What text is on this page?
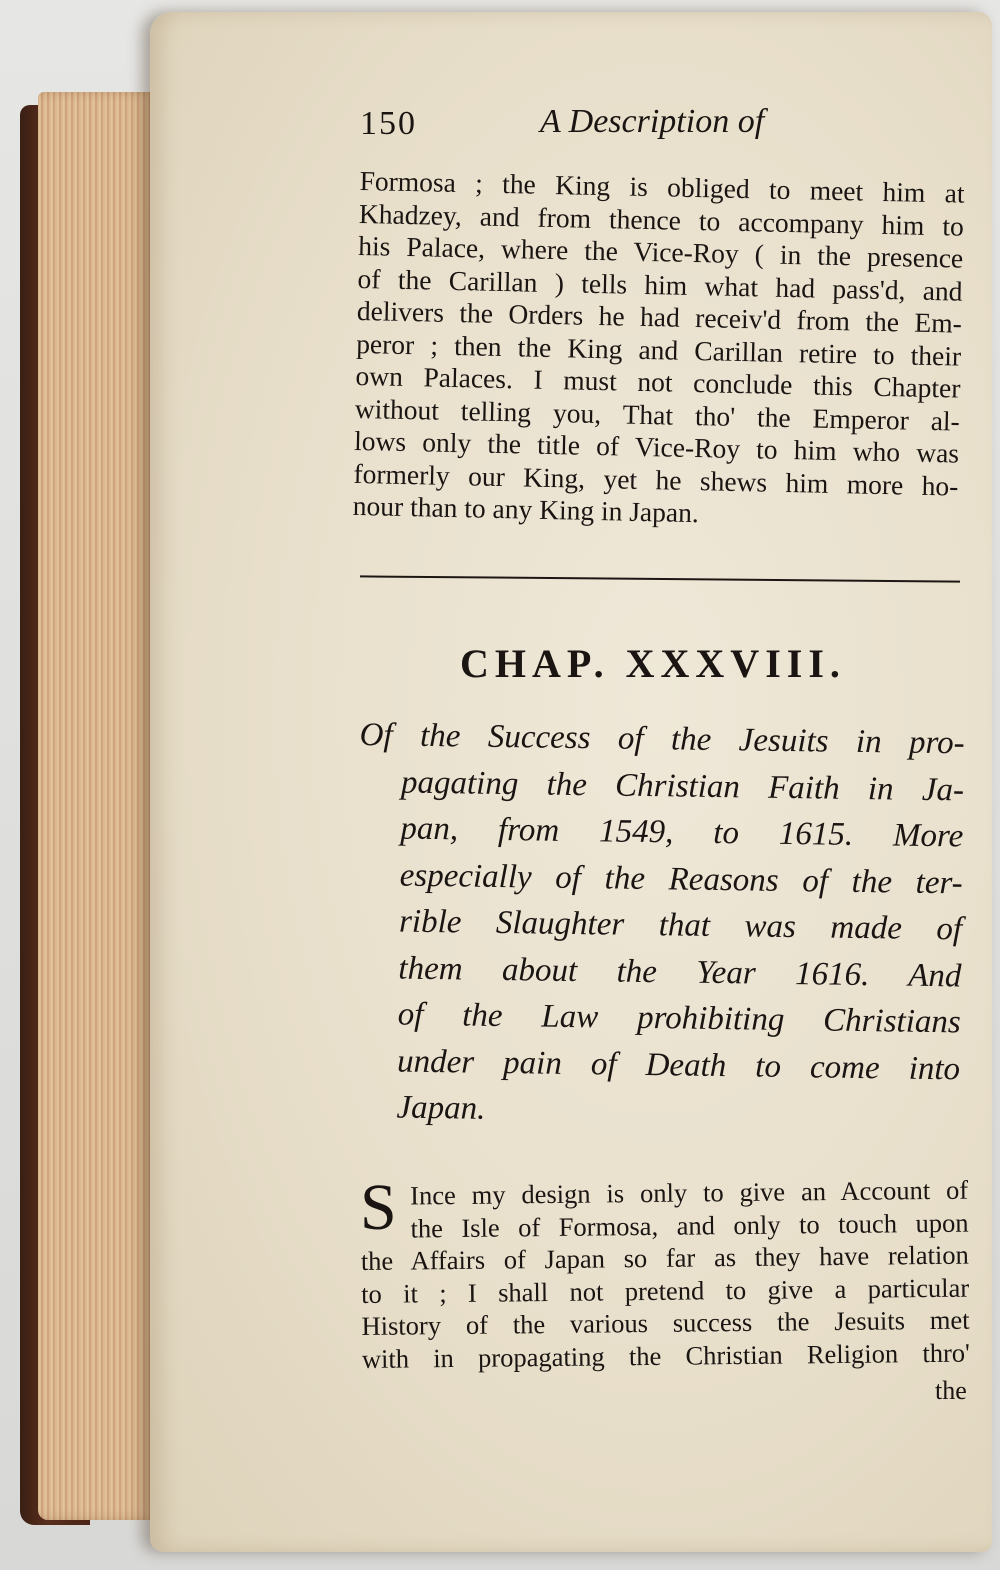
150	A Description of
Formosa ; the King is obliged to meet him at
Khadzey, and from thence to accompany him to
his Palace, where the Vice-Roy ( in the presence
of the Carillan ) tells him what had pass'd, and
delivers the Orders he had receiv'd from the Em-
peror ; then the King and Carillan retire to their
own Palaces. I must not conclude this Chapter
without telling you, That tho' the Emperor al-
lows only the title of Vice-Roy to him who was
formerly our King, yet he shews him more ho-
nour than to any King in Japan.
CHAP. XXXVIII.
Of the Success of the Jesuits in pro-
pagating the Christian Faith in Ja-
pan, from 1549, to 1615. More
especially of the Reasons of the ter-
rible Slaughter that was made of
them about the Year 1616. And
of the Law prohibiting Christians
under pain of Death to come into
Japan.
S Ince my design is only to give an Account of
the Isle of Formosa, and only to touch upon
the Affairs of Japan so far as they have relation
to it ; I shall not pretend to give a particular
History of the various success the Jesuits met
with in propagating the Christian Religion thro'
the
